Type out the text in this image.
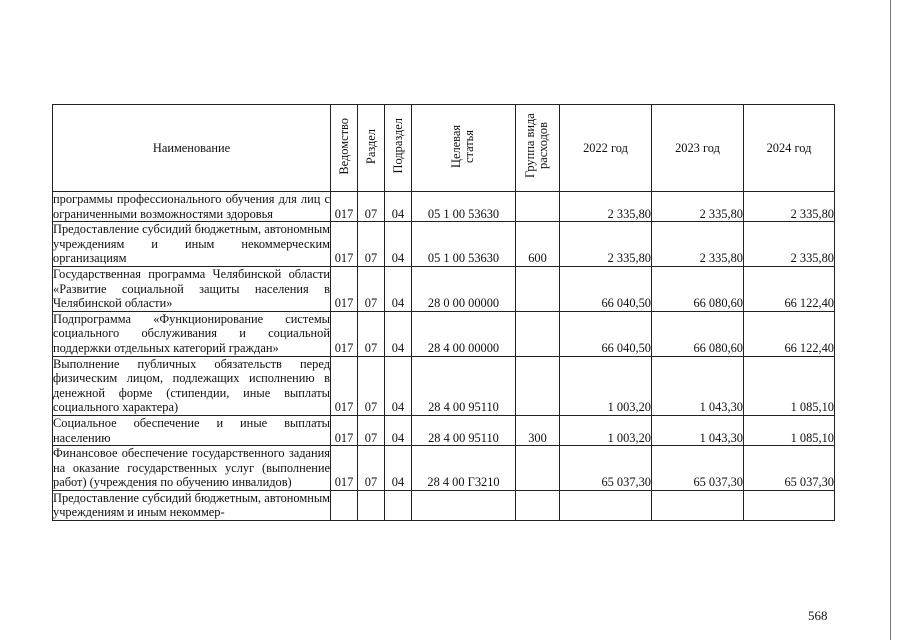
Наименование	Ведомство	Раздел	Подраздел	Целевая статья	Группа вида расходов	2022 год	2023 год	2024 год
программы профессионального обучения для лиц с ограниченными возможностями здоровья	017	07	04	05 1 00 53630		2 335,80	2 335,80	2 335,80
Предоставление субсидий бюджетным, автономным учреждениям и иным некоммерческим организациям	017	07	04	05 1 00 53630	600	2 335,80	2 335,80	2 335,80
Государственная программа Челябинской области «Развитие социальной защиты населения в Челябинской области»	017	07	04	28 0 00 00000		66 040,50	66 080,60	66 122,40
Подпрограмма «Функционирование системы социального обслуживания и социальной поддержки отдельных категорий граждан»	017	07	04	28 4 00 00000		66 040,50	66 080,60	66 122,40
Выполнение публичных обязательств перед физическим лицом, подлежащих исполнению в денежной форме (стипендии, иные выплаты социального характера)	017	07	04	28 4 00 95110		1 003,20	1 043,30	1 085,10
Социальное обеспечение и иные выплаты населению	017	07	04	28 4 00 95110	300	1 003,20	1 043,30	1 085,10
Финансовое обеспечение государственного задания на оказание государственных услуг (выполнение работ) (учреждения по обучению инвалидов)	017	07	04	28 4 00 Г3210		65 037,30	65 037,30	65 037,30
Предоставление субсидий бюджетным, автономным учреждениям и иным некоммер-								
568
